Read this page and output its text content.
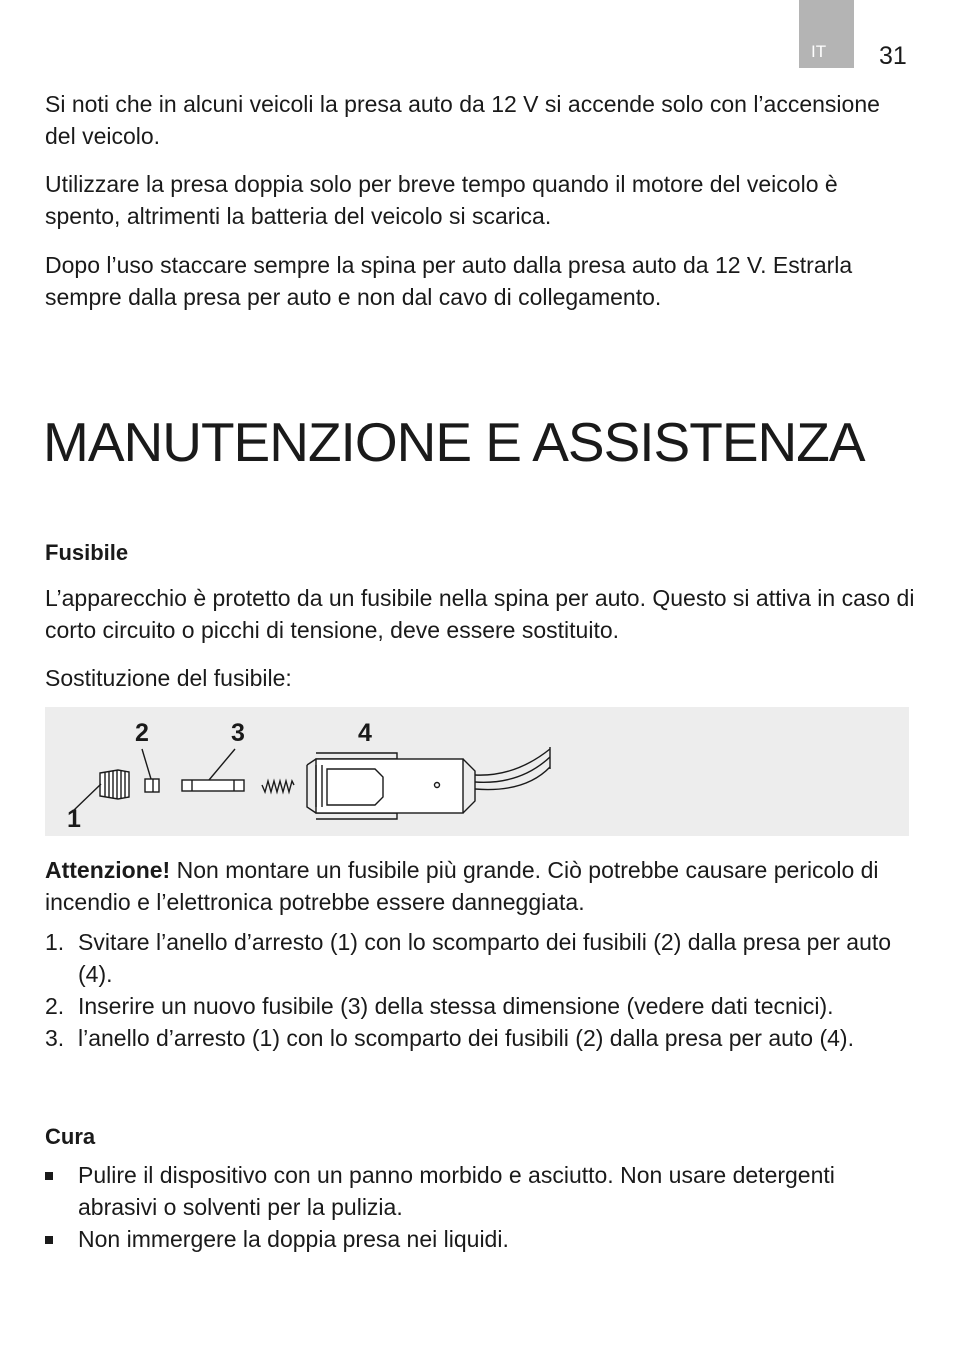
IT 31

Si noti che in alcuni veicoli la presa auto da 12 V si accende solo con l’accensione del veicolo.

Utilizzare la presa doppia solo per breve tempo quando il motore del veicolo è spento, altrimenti la batteria del veicolo si scarica.

Dopo l’uso staccare sempre la spina per auto dalla presa auto da 12 V. Estrarla sempre dalla presa per auto e non dal cavo di collegamento.

MANUTENZIONE E ASSISTENZA
Fusibile

L’apparecchio è protetto da un fusibile nella spina per auto. Questo si attiva in caso di corto circuito o picchi di tensione, deve essere sostituito.

Sostituzione del fusibile:

1
2	3	4

Attenzione! Non montare un fusibile più grande. Ciò potrebbe causare pericolo di incendio e l’elettronica potrebbe essere danneggiata.

1. Svitare l’anello d’arresto (1) con lo scomparto dei fusibili (2) dalla presa per auto (4).
2. Inserire un nuovo fusibile (3) della stessa dimensione (vedere dati tecnici).
3. l’anello d’arresto (1) con lo scomparto dei fusibili (2) dalla presa per auto (4).
Cura
Pulire il dispositivo con un panno morbido e asciutto. Non usare detergenti abrasivi o solventi per la pulizia.
Non immergere la doppia presa nei liquidi.
